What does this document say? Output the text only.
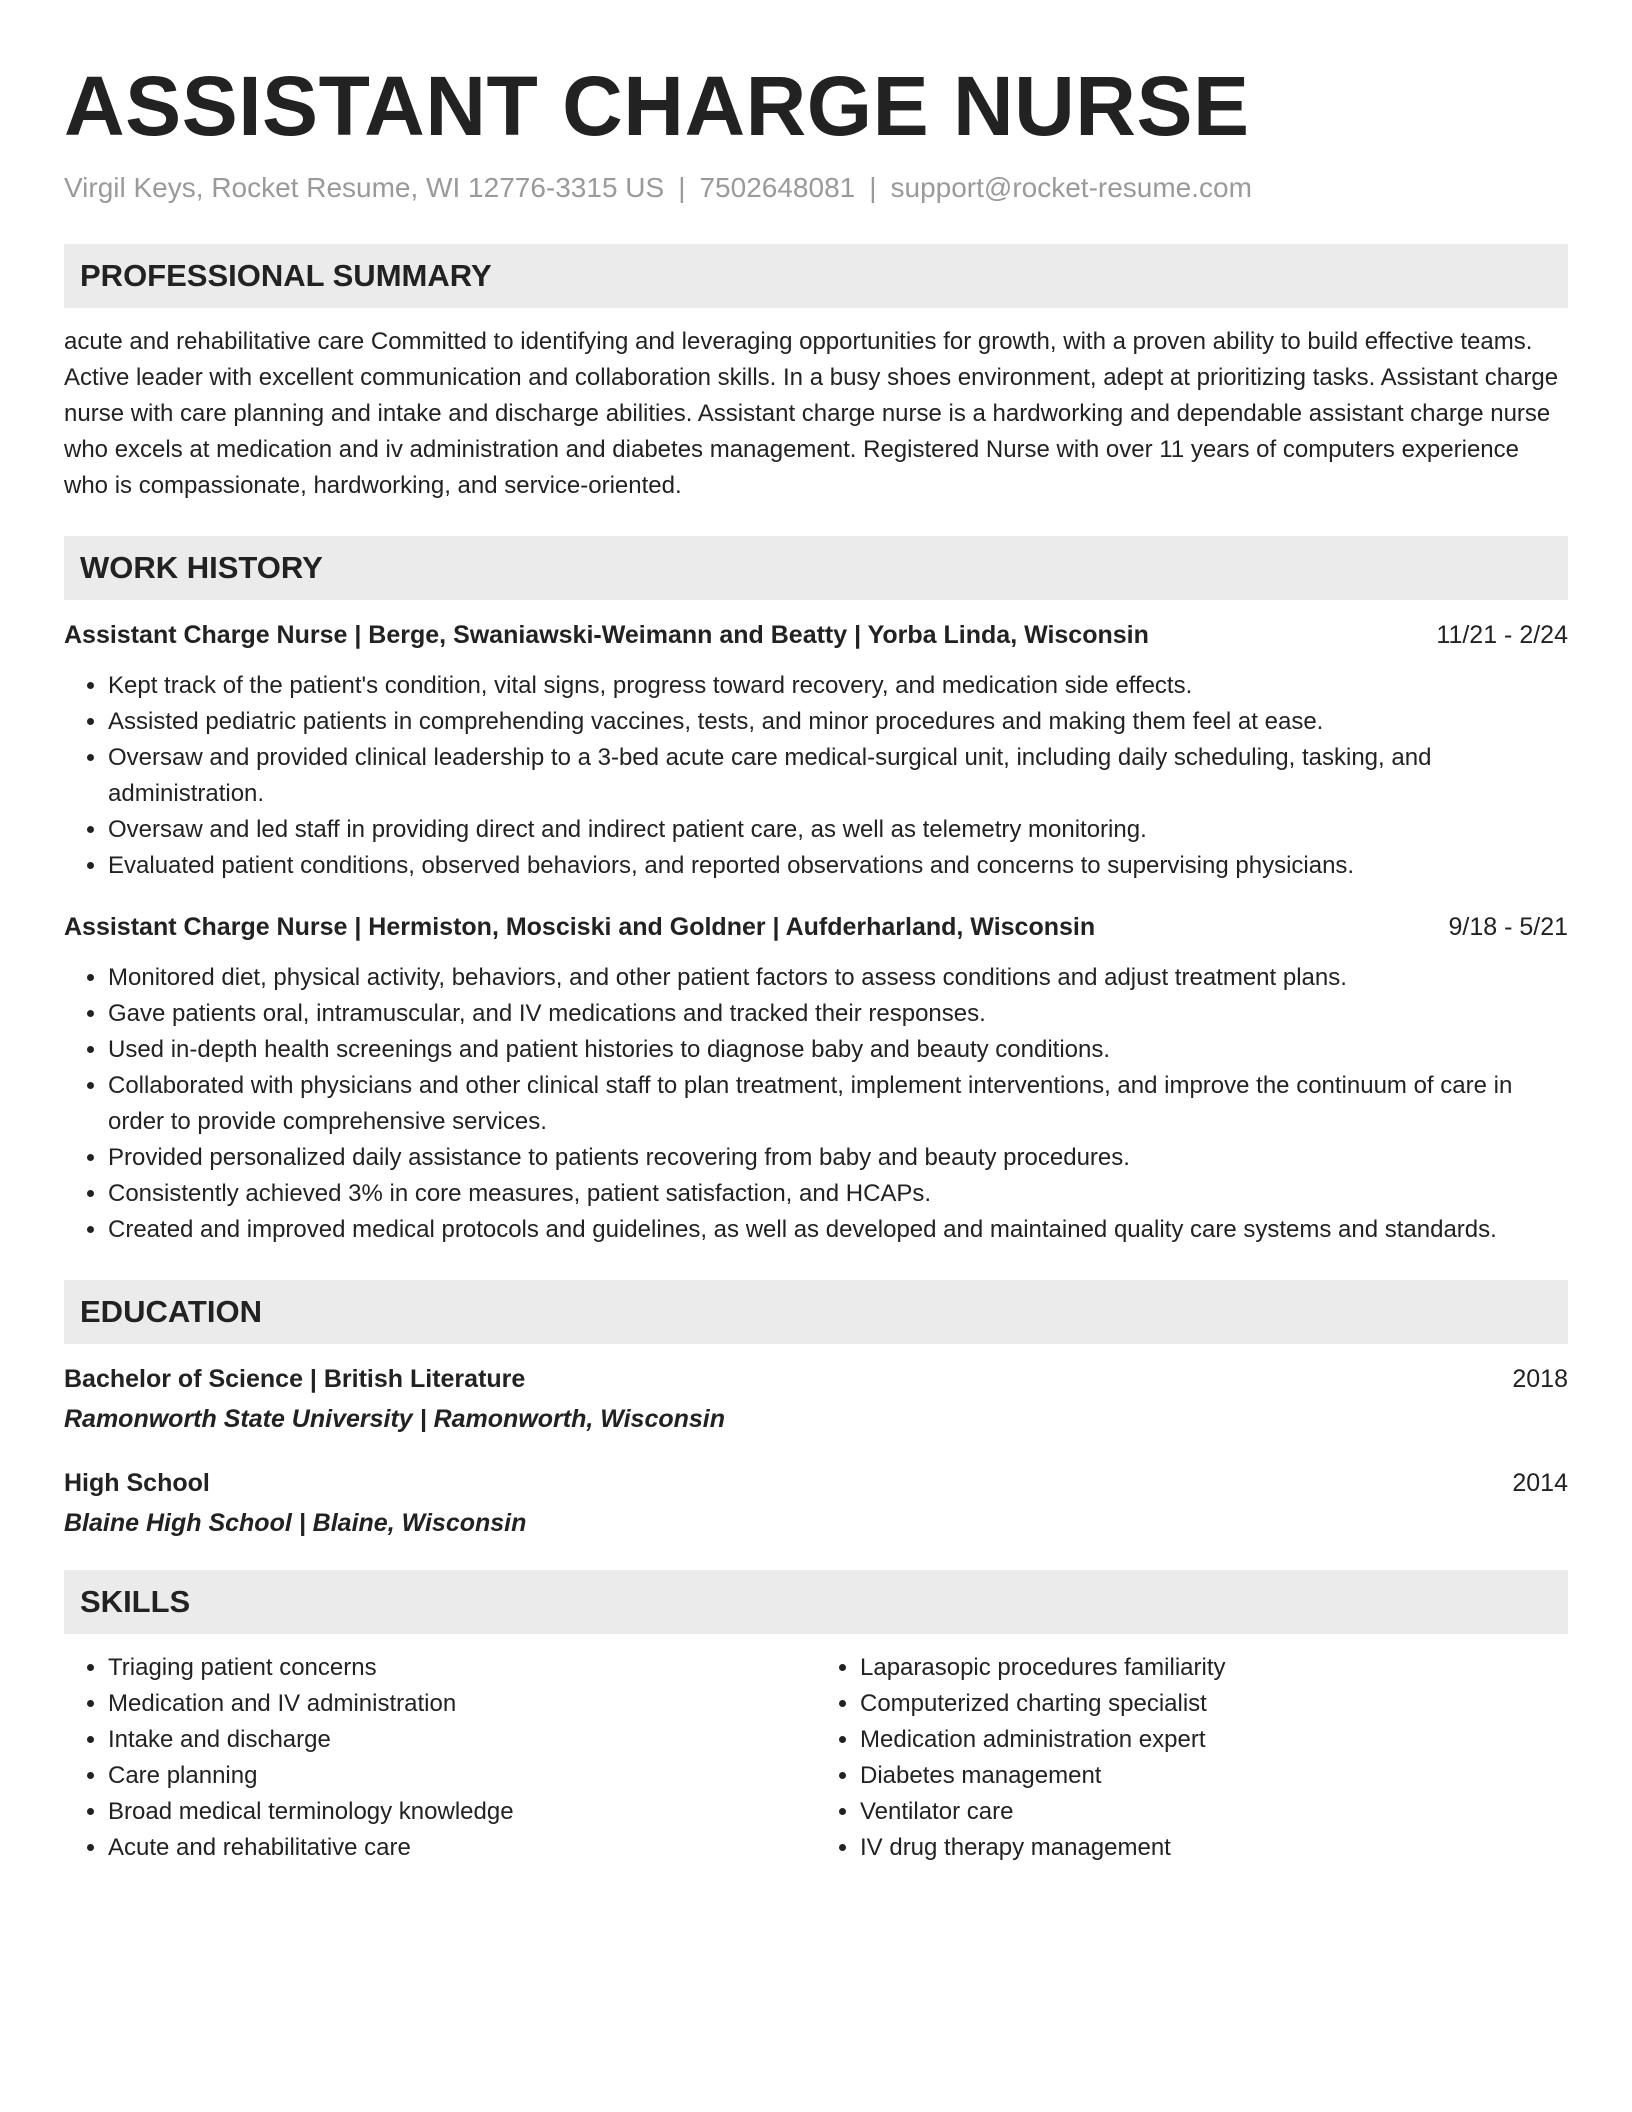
ASSISTANT CHARGE NURSE
Virgil Keys, Rocket Resume, WI 12776-3315 US | 7502648081 | support@rocket-resume.com
PROFESSIONAL SUMMARY

acute and rehabilitative care Committed to identifying and leveraging opportunities for growth, with a proven ability to build effective teams. Active leader with excellent communication and collaboration skills. In a busy shoes environment, adept at prioritizing tasks. Assistant charge nurse with care planning and intake and discharge abilities. Assistant charge nurse is a hardworking and dependable assistant charge nurse who excels at medication and iv administration and diabetes management. Registered Nurse with over 11 years of computers experience who is compassionate, hardworking, and service-oriented.

WORK HISTORY
Assistant Charge Nurse | Berge, Swaniawski-Weimann and Beatty | Yorba Linda, Wisconsin	11/21 - 2/24
• Kept track of the patient's condition, vital signs, progress toward recovery, and medication side effects.
• Assisted pediatric patients in comprehending vaccines, tests, and minor procedures and making them feel at ease.
• Oversaw and provided clinical leadership to a 3-bed acute care medical-surgical unit, including daily scheduling, tasking, and administration.
• Oversaw and led staff in providing direct and indirect patient care, as well as telemetry monitoring.
• Evaluated patient conditions, observed behaviors, and reported observations and concerns to supervising physicians.
Assistant Charge Nurse | Hermiston, Mosciski and Goldner | Aufderharland, Wisconsin	9/18 - 5/21
• Monitored diet, physical activity, behaviors, and other patient factors to assess conditions and adjust treatment plans.
• Gave patients oral, intramuscular, and IV medications and tracked their responses.
• Used in-depth health screenings and patient histories to diagnose baby and beauty conditions.
• Collaborated with physicians and other clinical staff to plan treatment, implement interventions, and improve the continuum of care in order to provide comprehensive services.
• Provided personalized daily assistance to patients recovering from baby and beauty procedures.
• Consistently achieved 3% in core measures, patient satisfaction, and HCAPs.
• Created and improved medical protocols and guidelines, as well as developed and maintained quality care systems and standards.
EDUCATION
Bachelor of Science | British Literature	2018
Ramonworth State University | Ramonworth, Wisconsin
High School	2014
Blaine High School | Blaine, Wisconsin
SKILLS
• Triaging patient concerns
• Medication and IV administration
• Intake and discharge
• Care planning
• Broad medical terminology knowledge
• Acute and rehabilitative care
• Laparasopic procedures familiarity
• Computerized charting specialist
• Medication administration expert
• Diabetes management
• Ventilator care
• IV drug therapy management
